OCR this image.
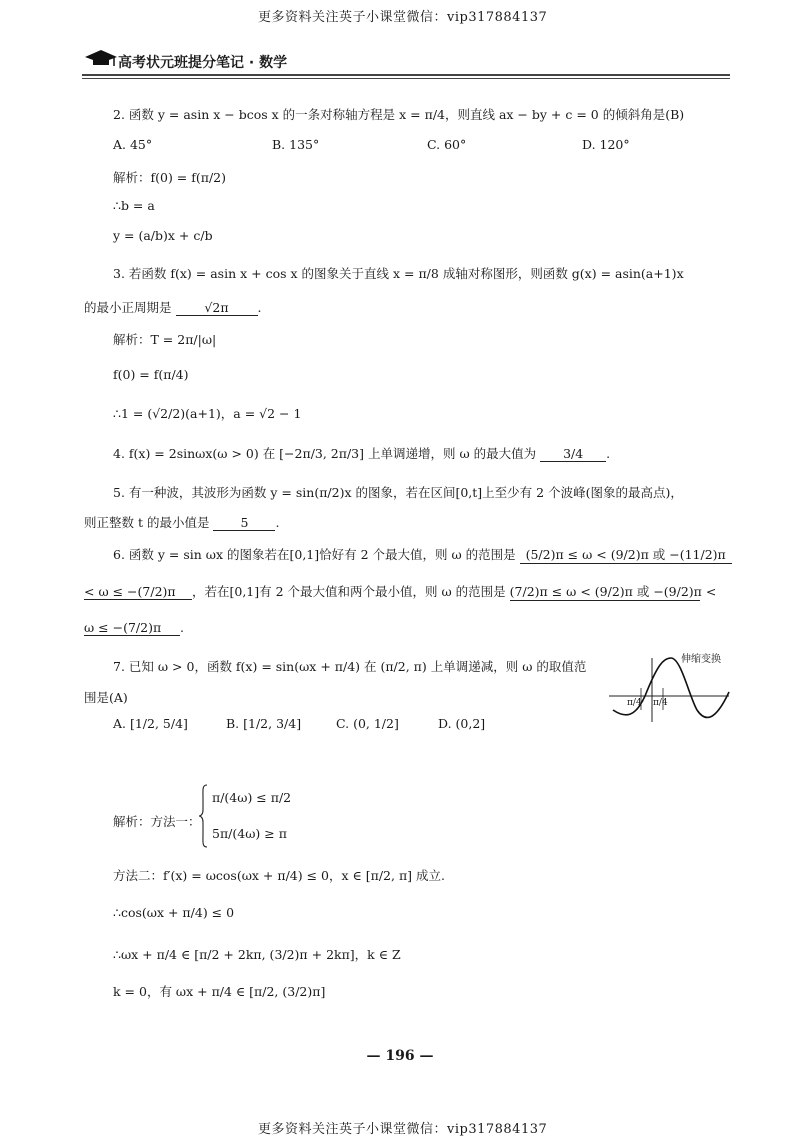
更多资料关注英子小课堂微信：vip317884137
高考状元班提分笔记 · 数学
2. 函数 y = asin x − bcos x 的一条对称轴方程是 x = π/4，则直线 ax − by + c = 0 的倾斜角是(B)
A. 45°	B. 135°	C. 60°	D. 120°
解析：f(0) = f(π/2)
∴b = a
y = (a/b)x + c/b
3. 若函数 f(x) = asin x + cos x 的图象关于直线 x = π/8 成轴对称图形，则函数 g(x) = asin(a+1)x
的最小正周期是	√2π .
解析：T = 2π/|ω|
f(0) = f(π/4)
∴1 = (√2/2)(a+1)，a = √2 − 1
4. f(x) = 2sinωx(ω > 0) 在 [−2π/3, 2π/3] 上单调递增，则 ω 的最大值为 3/4 .
5. 有一种波，其波形为函数 y = sin(π/2)x 的图象，若在区间[0,t]上至少有 2 个波峰(图象的最高点)，
则正整数 t 的最小值是 5 .
6. 函数 y = sin ωx 的图象若在[0,1]恰好有 2 个最大值，则 ω 的范围是 (5/2)π ≤ ω < (9/2)π 或 −(11/2)π
< ω ≤ −(7/2)π ，若在[0,1]有 2 个最大值和两个最小值，则 ω 的范围是 (7/2)π ≤ ω < (9/2)π 或 −(9/2)π <
ω ≤ −(7/2)π .
7. 已知 ω > 0，函数 f(x) = sin(ωx + π/4) 在 (π/2, π) 上单调递减，则 ω 的取值范
围是(A)
A. [1/2, 5/4]	B. [1/2, 3/4]	C. (0, 1/2]	D. (0,2]
伸缩变换
π/4 π/4
解析：方法一：
π/(4ω) ≤ π/2
5π/(4ω) ≥ π
方法二：f′(x) = ωcos(ωx + π/4) ≤ 0，x ∈ [π/2, π] 成立.
∴cos(ωx + π/4) ≤ 0
∴ωx + π/4 ∈ [π/2 + 2kπ, (3/2)π + 2kπ]，k ∈ Z
k = 0，有 ωx + π/4 ∈ [π/2, (3/2)π]
— 196 —
更多资料关注英子小课堂微信：vip317884137
